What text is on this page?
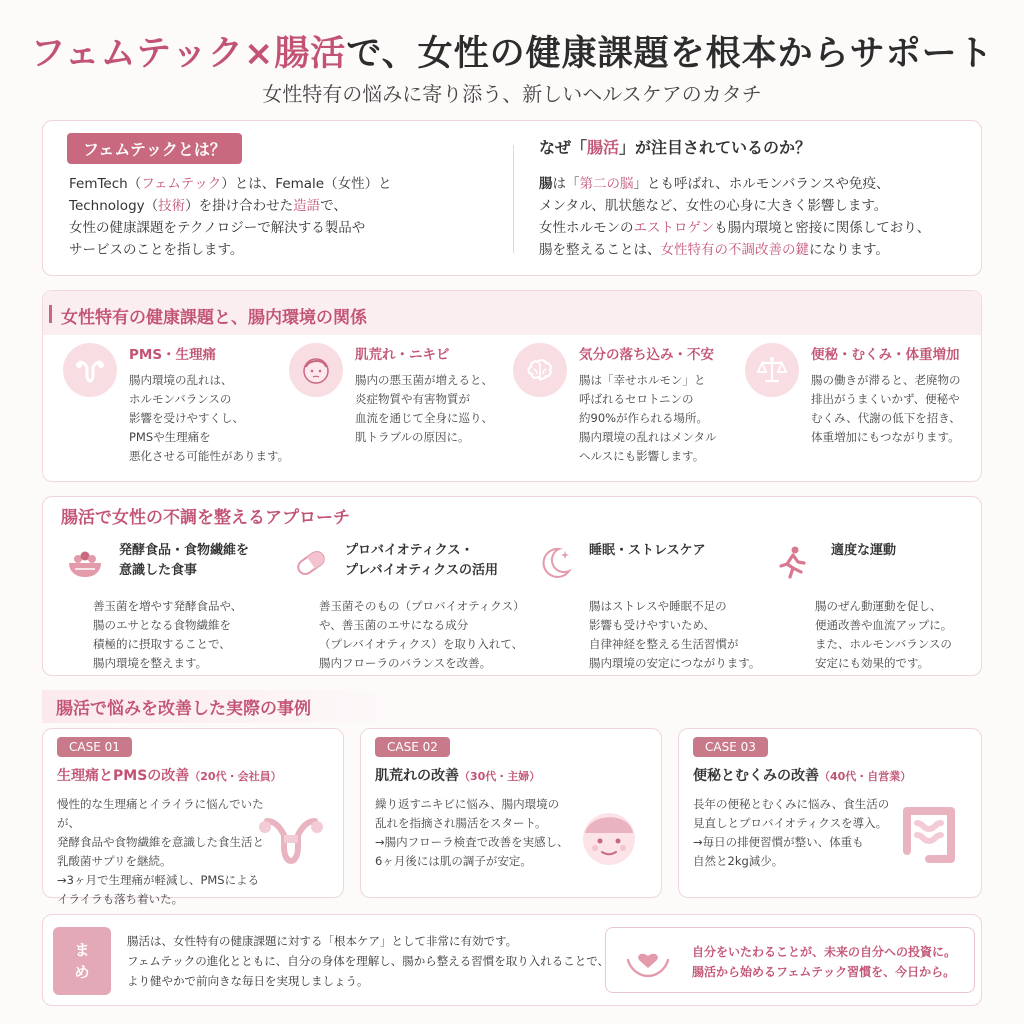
フェムテック×腸活で、女性の健康課題を根本からサポート
女性特有の悩みに寄り添う、新しいヘルスケアのカタチ
フェムテックとは？
FemTech（フェムテック）とは、Female（女性）と
Technology（技術）を掛け合わせた造語で、
女性の健康課題をテクノロジーで解決する製品や
サービスのことを指します。
なぜ「腸活」が注目されているのか？
腸は「第二の脳」とも呼ばれ、ホルモンバランスや免疫、
メンタル、肌状態など、女性の心身に大きく影響します。
女性ホルモンのエストロゲンも腸内環境と密接に関係しており、
腸を整えることは、女性特有の不調改善の鍵になります。
女性特有の健康課題と、腸内環境の関係
PMS・生理痛
腸内環境の乱れは、
ホルモンバランスの
影響を受けやすくし、
PMSや生理痛を
悪化させる可能性があります。
肌荒れ・ニキビ
腸内の悪玉菌が増えると、
炎症物質や有害物質が
血流を通じて全身に巡り、
肌トラブルの原因に。
気分の落ち込み・不安
腸は「幸せホルモン」と
呼ばれるセロトニンの
約90%が作られる場所。
腸内環境の乱れはメンタル
ヘルスにも影響します。
便秘・むくみ・体重増加
腸の働きが滞ると、老廃物の
排出がうまくいかず、便秘や
むくみ、代謝の低下を招き、
体重増加にもつながります。
腸活で女性の不調を整えるアプローチ
発酵食品・食物繊維を
意識した食事
善玉菌を増やす発酵食品や、
腸のエサとなる食物繊維を
積極的に摂取することで、
腸内環境を整えます。
プロバイオティクス・
プレバイオティクスの活用
善玉菌そのもの（プロバイオティクス）
や、善玉菌のエサになる成分
（プレバイオティクス）を取り入れて、
腸内フローラのバランスを改善。
睡眠・ストレスケア
腸はストレスや睡眠不足の
影響も受けやすいため、
自律神経を整える生活習慣が
腸内環境の安定につながります。
適度な運動
腸のぜん動運動を促し、
便通改善や血流アップに。
また、ホルモンバランスの
安定にも効果的です。
腸活で悩みを改善した実際の事例
CASE 01
生理痛とPMSの改善（20代・会社員）
慢性的な生理痛とイライラに悩んでいたが、
発酵食品や食物繊維を意識した食生活と
乳酸菌サプリを継続。
→3ヶ月で生理痛が軽減し、PMSによる
イライラも落ち着いた。
CASE 02
肌荒れの改善（30代・主婦）
繰り返すニキビに悩み、腸内環境の
乱れを指摘され腸活をスタート。
→腸内フローラ検査で改善を実感し、
6ヶ月後には肌の調子が安定。
CASE 03
便秘とむくみの改善（40代・自営業）
長年の便秘とむくみに悩み、食生活の
見直しとプロバイオティクスを導入。
→毎日の排便習慣が整い、体重も
自然と2kg減少。
ま
め
腸活は、女性特有の健康課題に対する「根本ケア」として非常に有効です。
フェムテックの進化とともに、自分の身体を理解し、腸から整える習慣を取り入れることで、
より健やかで前向きな毎日を実現しましょう。
自分をいたわることが、未来の自分への投資に。
腸活から始めるフェムテック習慣を、今日から。
